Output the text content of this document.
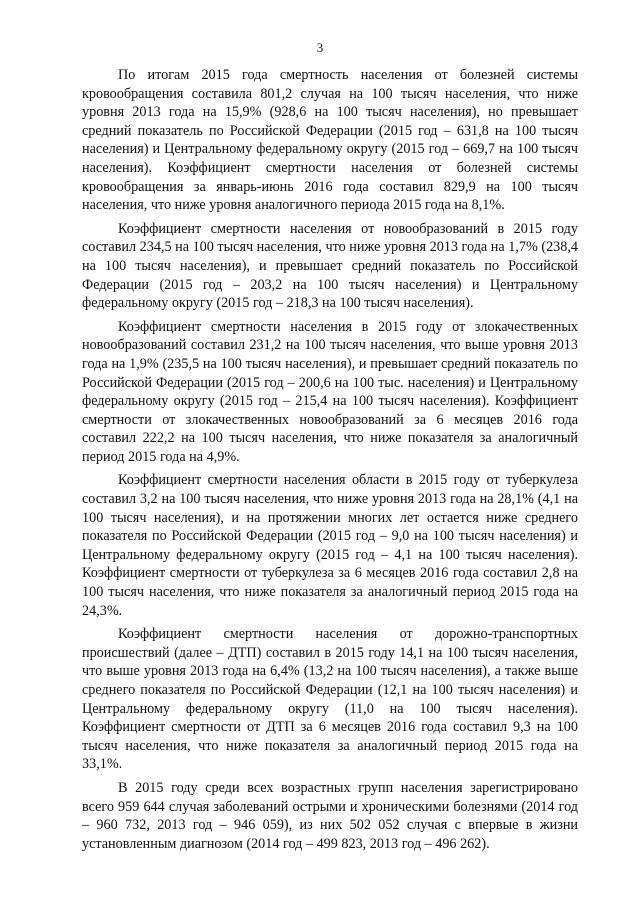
3

По итогам 2015 года смертность населения от болезней системы кровообращения составила 801,2 случая на 100 тысяч населения, что ниже уровня 2013 года на 15,9% (928,6 на 100 тысяч населения), но превышает средний показатель по Российской Федерации (2015 год – 631,8 на 100 тысяч населения) и Центральному федеральному округу (2015 год – 669,7 на 100 тысяч населения). Коэффициент смертности населения от болезней системы кровообращения за январь-июнь 2016 года составил 829,9 на 100 тысяч населения, что ниже уровня аналогичного периода 2015 года на 8,1%.

Коэффициент смертности населения от новообразований в 2015 году составил 234,5 на 100 тысяч населения, что ниже уровня 2013 года на 1,7% (238,4 на 100 тысяч населения), и превышает средний показатель по Российской Федерации (2015 год – 203,2 на 100 тысяч населения) и Центральному федеральному округу (2015 год – 218,3 на 100 тысяч населения).

Коэффициент смертности населения в 2015 году от злокачественных новообразований составил 231,2 на 100 тысяч населения, что выше уровня 2013 года на 1,9% (235,5 на 100 тысяч населения), и превышает средний показатель по Российской Федерации (2015 год – 200,6 на 100 тыс. населения) и Центральному федеральному округу (2015 год – 215,4 на 100 тысяч населения). Коэффициент смертности от злокачественных новообразований за 6 месяцев 2016 года составил 222,2 на 100 тысяч населения, что ниже показателя за аналогичный период 2015 года на 4,9%.

Коэффициент смертности населения области в 2015 году от туберкулеза составил 3,2 на 100 тысяч населения, что ниже уровня 2013 года на 28,1% (4,1 на 100 тысяч населения), и на протяжении многих лет остается ниже среднего показателя по Российской Федерации (2015 год – 9,0 на 100 тысяч населения) и Центральному федеральному округу (2015 год – 4,1 на 100 тысяч населения). Коэффициент смертности от туберкулеза за 6 месяцев 2016 года составил 2,8 на 100 тысяч населения, что ниже показателя за аналогичный период 2015 года на 24,3%.

Коэффициент смертности населения от дорожно-транспортных происшествий (далее – ДТП) составил в 2015 году 14,1 на 100 тысяч населения, что выше уровня 2013 года на 6,4% (13,2 на 100 тысяч населения), а также выше среднего показателя по Российской Федерации (12,1 на 100 тысяч населения) и Центральному федеральному округу (11,0 на 100 тысяч населения). Коэффициент смертности от ДТП за 6 месяцев 2016 года составил 9,3 на 100 тысяч населения, что ниже показателя за аналогичный период 2015 года на 33,1%.

В 2015 году среди всех возрастных групп населения зарегистрировано всего 959 644 случая заболеваний острыми и хроническими болезнями (2014 год – 960 732, 2013 год – 946 059), из них 502 052 случая с впервые в жизни установленным диагнозом (2014 год – 499 823, 2013 год – 496 262).
